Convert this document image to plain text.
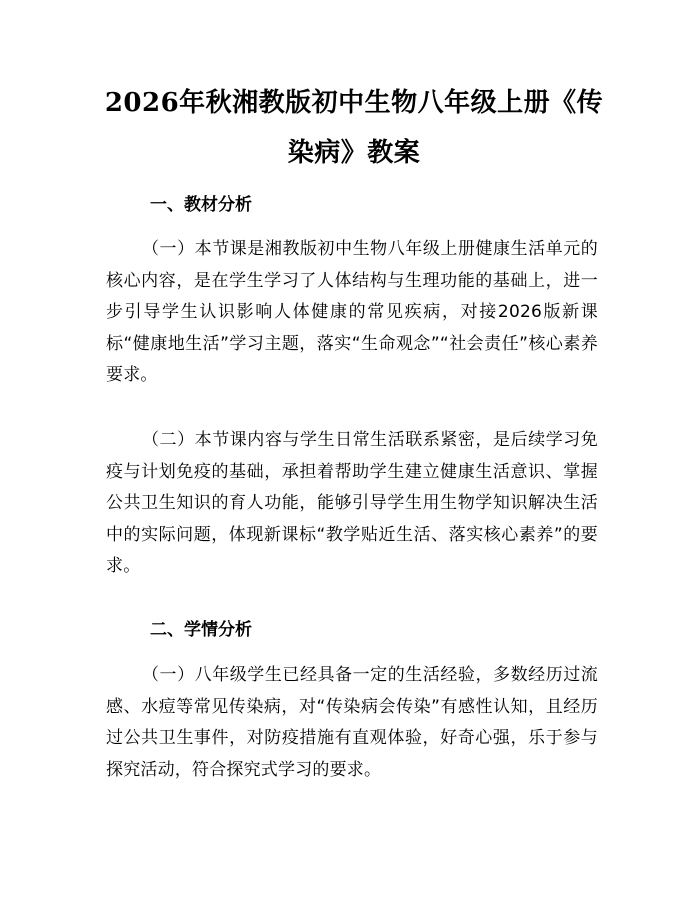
2026年秋湘教版初中生物八年级上册《传染病》教案
一、教材分析

（一）本节课是湘教版初中生物八年级上册健康生活单元的核心内容，是在学生学习了人体结构与生理功能的基础上，进一步引导学生认识影响人体健康的常见疾病，对接2026版新课标“健康地生活”学习主题，落实“生命观念”“社会责任”核心素养要求。

（二）本节课内容与学生日常生活联系紧密，是后续学习免疫与计划免疫的基础，承担着帮助学生建立健康生活意识、掌握公共卫生知识的育人功能，能够引导学生用生物学知识解决生活中的实际问题，体现新课标“教学贴近生活、落实核心素养”的要求。

二、学情分析

（一）八年级学生已经具备一定的生活经验，多数经历过流感、水痘等常见传染病，对“传染病会传染”有感性认知，且经历过公共卫生事件，对防疫措施有直观体验，好奇心强，乐于参与探究活动，符合探究式学习的要求。
